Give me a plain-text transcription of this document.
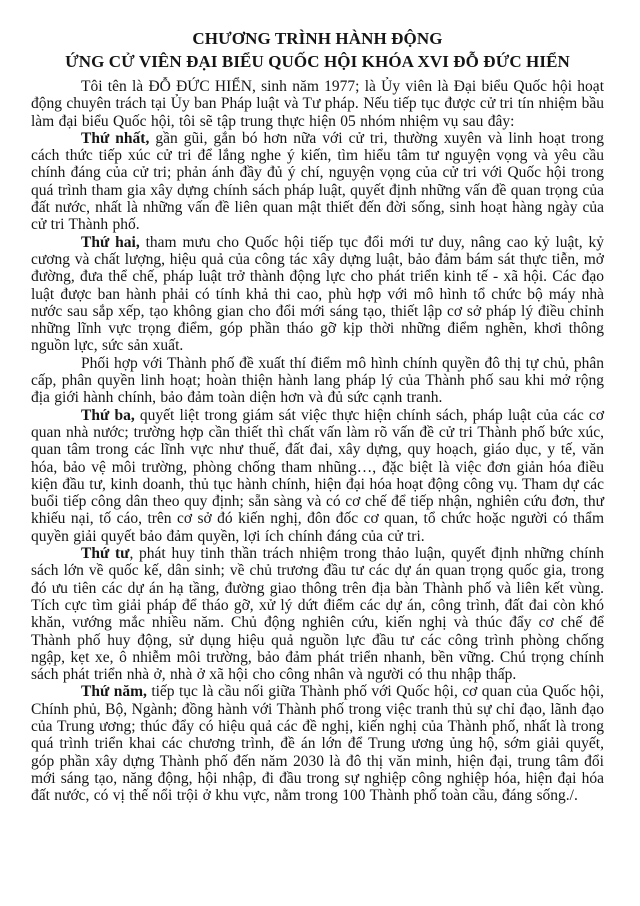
CHƯƠNG TRÌNH HÀNH ĐỘNG
ỨNG CỬ VIÊN ĐẠI BIỂU QUỐC HỘI KHÓA XVI ĐỖ ĐỨC HIỂN

Tôi tên là ĐỖ ĐỨC HIỂN, sinh năm 1977; là Ủy viên là Đại biểu Quốc hội hoạt động chuyên trách tại Ủy ban Pháp luật và Tư pháp. Nếu tiếp tục được cử tri tín nhiệm bầu làm đại biểu Quốc hội, tôi sẽ tập trung thực hiện 05 nhóm nhiệm vụ sau đây:

Thứ nhất, gần gũi, gắn bó hơn nữa với cử tri, thường xuyên và linh hoạt trong cách thức tiếp xúc cử tri để lắng nghe ý kiến, tìm hiểu tâm tư nguyện vọng và yêu cầu chính đáng của cử tri; phản ánh đầy đủ ý chí, nguyện vọng của cử tri với Quốc hội trong quá trình tham gia xây dựng chính sách pháp luật, quyết định những vấn đề quan trọng của đất nước, nhất là những vấn đề liên quan mật thiết đến đời sống, sinh hoạt hàng ngày của cử tri Thành phố.

Thứ hai, tham mưu cho Quốc hội tiếp tục đổi mới tư duy, nâng cao kỷ luật, kỷ cương và chất lượng, hiệu quả của công tác xây dựng luật, bảo đảm bám sát thực tiễn, mở đường, đưa thể chế, pháp luật trở thành động lực cho phát triển kinh tế - xã hội. Các đạo luật được ban hành phải có tính khả thi cao, phù hợp với mô hình tổ chức bộ máy nhà nước sau sắp xếp, tạo không gian cho đổi mới sáng tạo, thiết lập cơ sở pháp lý điều chỉnh những lĩnh vực trọng điểm, góp phần tháo gỡ kịp thời những điểm nghẽn, khơi thông nguồn lực, sức sản xuất.

Phối hợp với Thành phố đề xuất thí điểm mô hình chính quyền đô thị tự chủ, phân cấp, phân quyền linh hoạt; hoàn thiện hành lang pháp lý của Thành phố sau khi mở rộng địa giới hành chính, bảo đảm toàn diện hơn và đủ sức cạnh tranh.

Thứ ba, quyết liệt trong giám sát việc thực hiện chính sách, pháp luật của các cơ quan nhà nước; trường hợp cần thiết thì chất vấn làm rõ vấn đề cử tri Thành phố bức xúc, quan tâm trong các lĩnh vực như thuế, đất đai, xây dựng, quy hoạch, giáo dục, y tế, văn hóa, bảo vệ môi trường, phòng chống tham nhũng…, đặc biệt là việc đơn giản hóa điều kiện đầu tư, kinh doanh, thủ tục hành chính, hiện đại hóa hoạt động công vụ. Tham dự các buổi tiếp công dân theo quy định; sẵn sàng và có cơ chế để tiếp nhận, nghiên cứu đơn, thư khiếu nại, tố cáo, trên cơ sở đó kiến nghị, đôn đốc cơ quan, tổ chức hoặc người có thẩm quyền giải quyết bảo đảm quyền, lợi ích chính đáng của cử tri.

Thứ tư, phát huy tinh thần trách nhiệm trong thảo luận, quyết định những chính sách lớn về quốc kế, dân sinh; về chủ trương đầu tư các dự án quan trọng quốc gia, trong đó ưu tiên các dự án hạ tầng, đường giao thông trên địa bàn Thành phố và liên kết vùng. Tích cực tìm giải pháp để tháo gỡ, xử lý dứt điểm các dự án, công trình, đất đai còn khó khăn, vướng mắc nhiều năm. Chủ động nghiên cứu, kiến nghị và thúc đẩy cơ chế để Thành phố huy động, sử dụng hiệu quả nguồn lực đầu tư các công trình phòng chống ngập, kẹt xe, ô nhiễm môi trường, bảo đảm phát triển nhanh, bền vững. Chú trọng chính sách phát triển nhà ở, nhà ở xã hội cho công nhân và người có thu nhập thấp.

Thứ năm, tiếp tục là cầu nối giữa Thành phố với Quốc hội, cơ quan của Quốc hội, Chính phủ, Bộ, Ngành; đồng hành với Thành phố trong việc tranh thủ sự chỉ đạo, lãnh đạo của Trung ương; thúc đẩy có hiệu quả các đề nghị, kiến nghị của Thành phố, nhất là trong quá trình triển khai các chương trình, đề án lớn để Trung ương ủng hộ, sớm giải quyết, góp phần xây dựng Thành phố đến năm 2030 là đô thị văn minh, hiện đại, trung tâm đổi mới sáng tạo, năng động, hội nhập, đi đầu trong sự nghiệp công nghiệp hóa, hiện đại hóa đất nước, có vị thế nổi trội ở khu vực, nằm trong 100 Thành phố toàn cầu, đáng sống./.
